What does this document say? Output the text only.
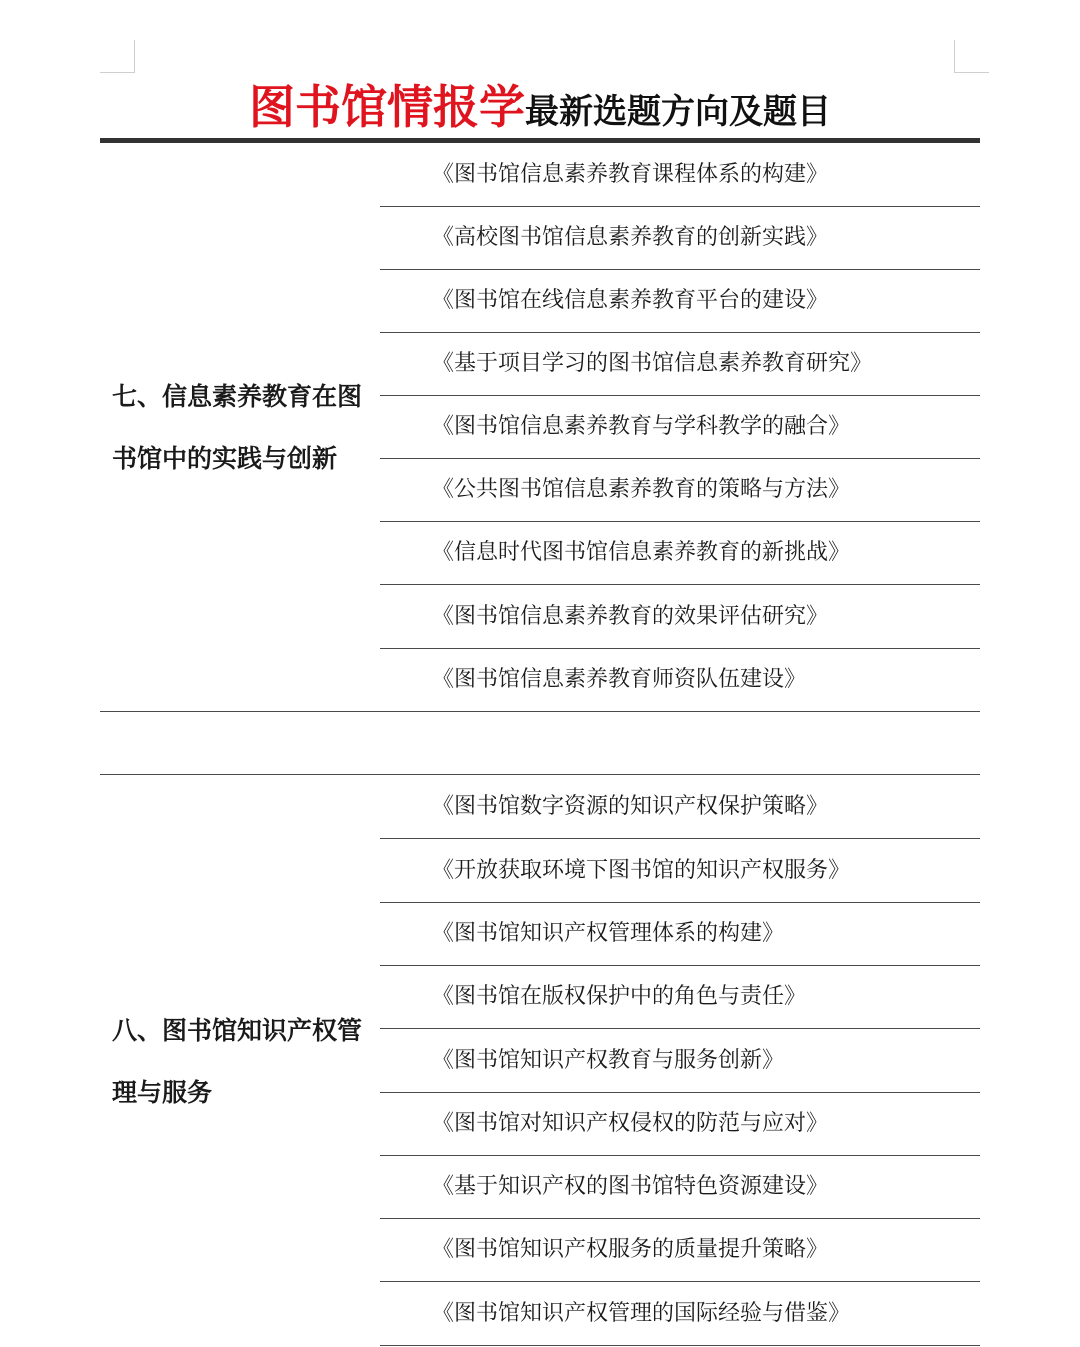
图书馆情报学最新选题方向及题目
七、信息素养教育在图
书馆中的实践与创新
《图书馆信息素养教育课程体系的构建》
《高校图书馆信息素养教育的创新实践》
《图书馆在线信息素养教育平台的建设》
《基于项目学习的图书馆信息素养教育研究》
《图书馆信息素养教育与学科教学的融合》
《公共图书馆信息素养教育的策略与方法》
《信息时代图书馆信息素养教育的新挑战》
《图书馆信息素养教育的效果评估研究》
《图书馆信息素养教育师资队伍建设》
八、图书馆知识产权管
理与服务
《图书馆数字资源的知识产权保护策略》
《开放获取环境下图书馆的知识产权服务》
《图书馆知识产权管理体系的构建》
《图书馆在版权保护中的角色与责任》
《图书馆知识产权教育与服务创新》
《图书馆对知识产权侵权的防范与应对》
《基于知识产权的图书馆特色资源建设》
《图书馆知识产权服务的质量提升策略》
《图书馆知识产权管理的国际经验与借鉴》
